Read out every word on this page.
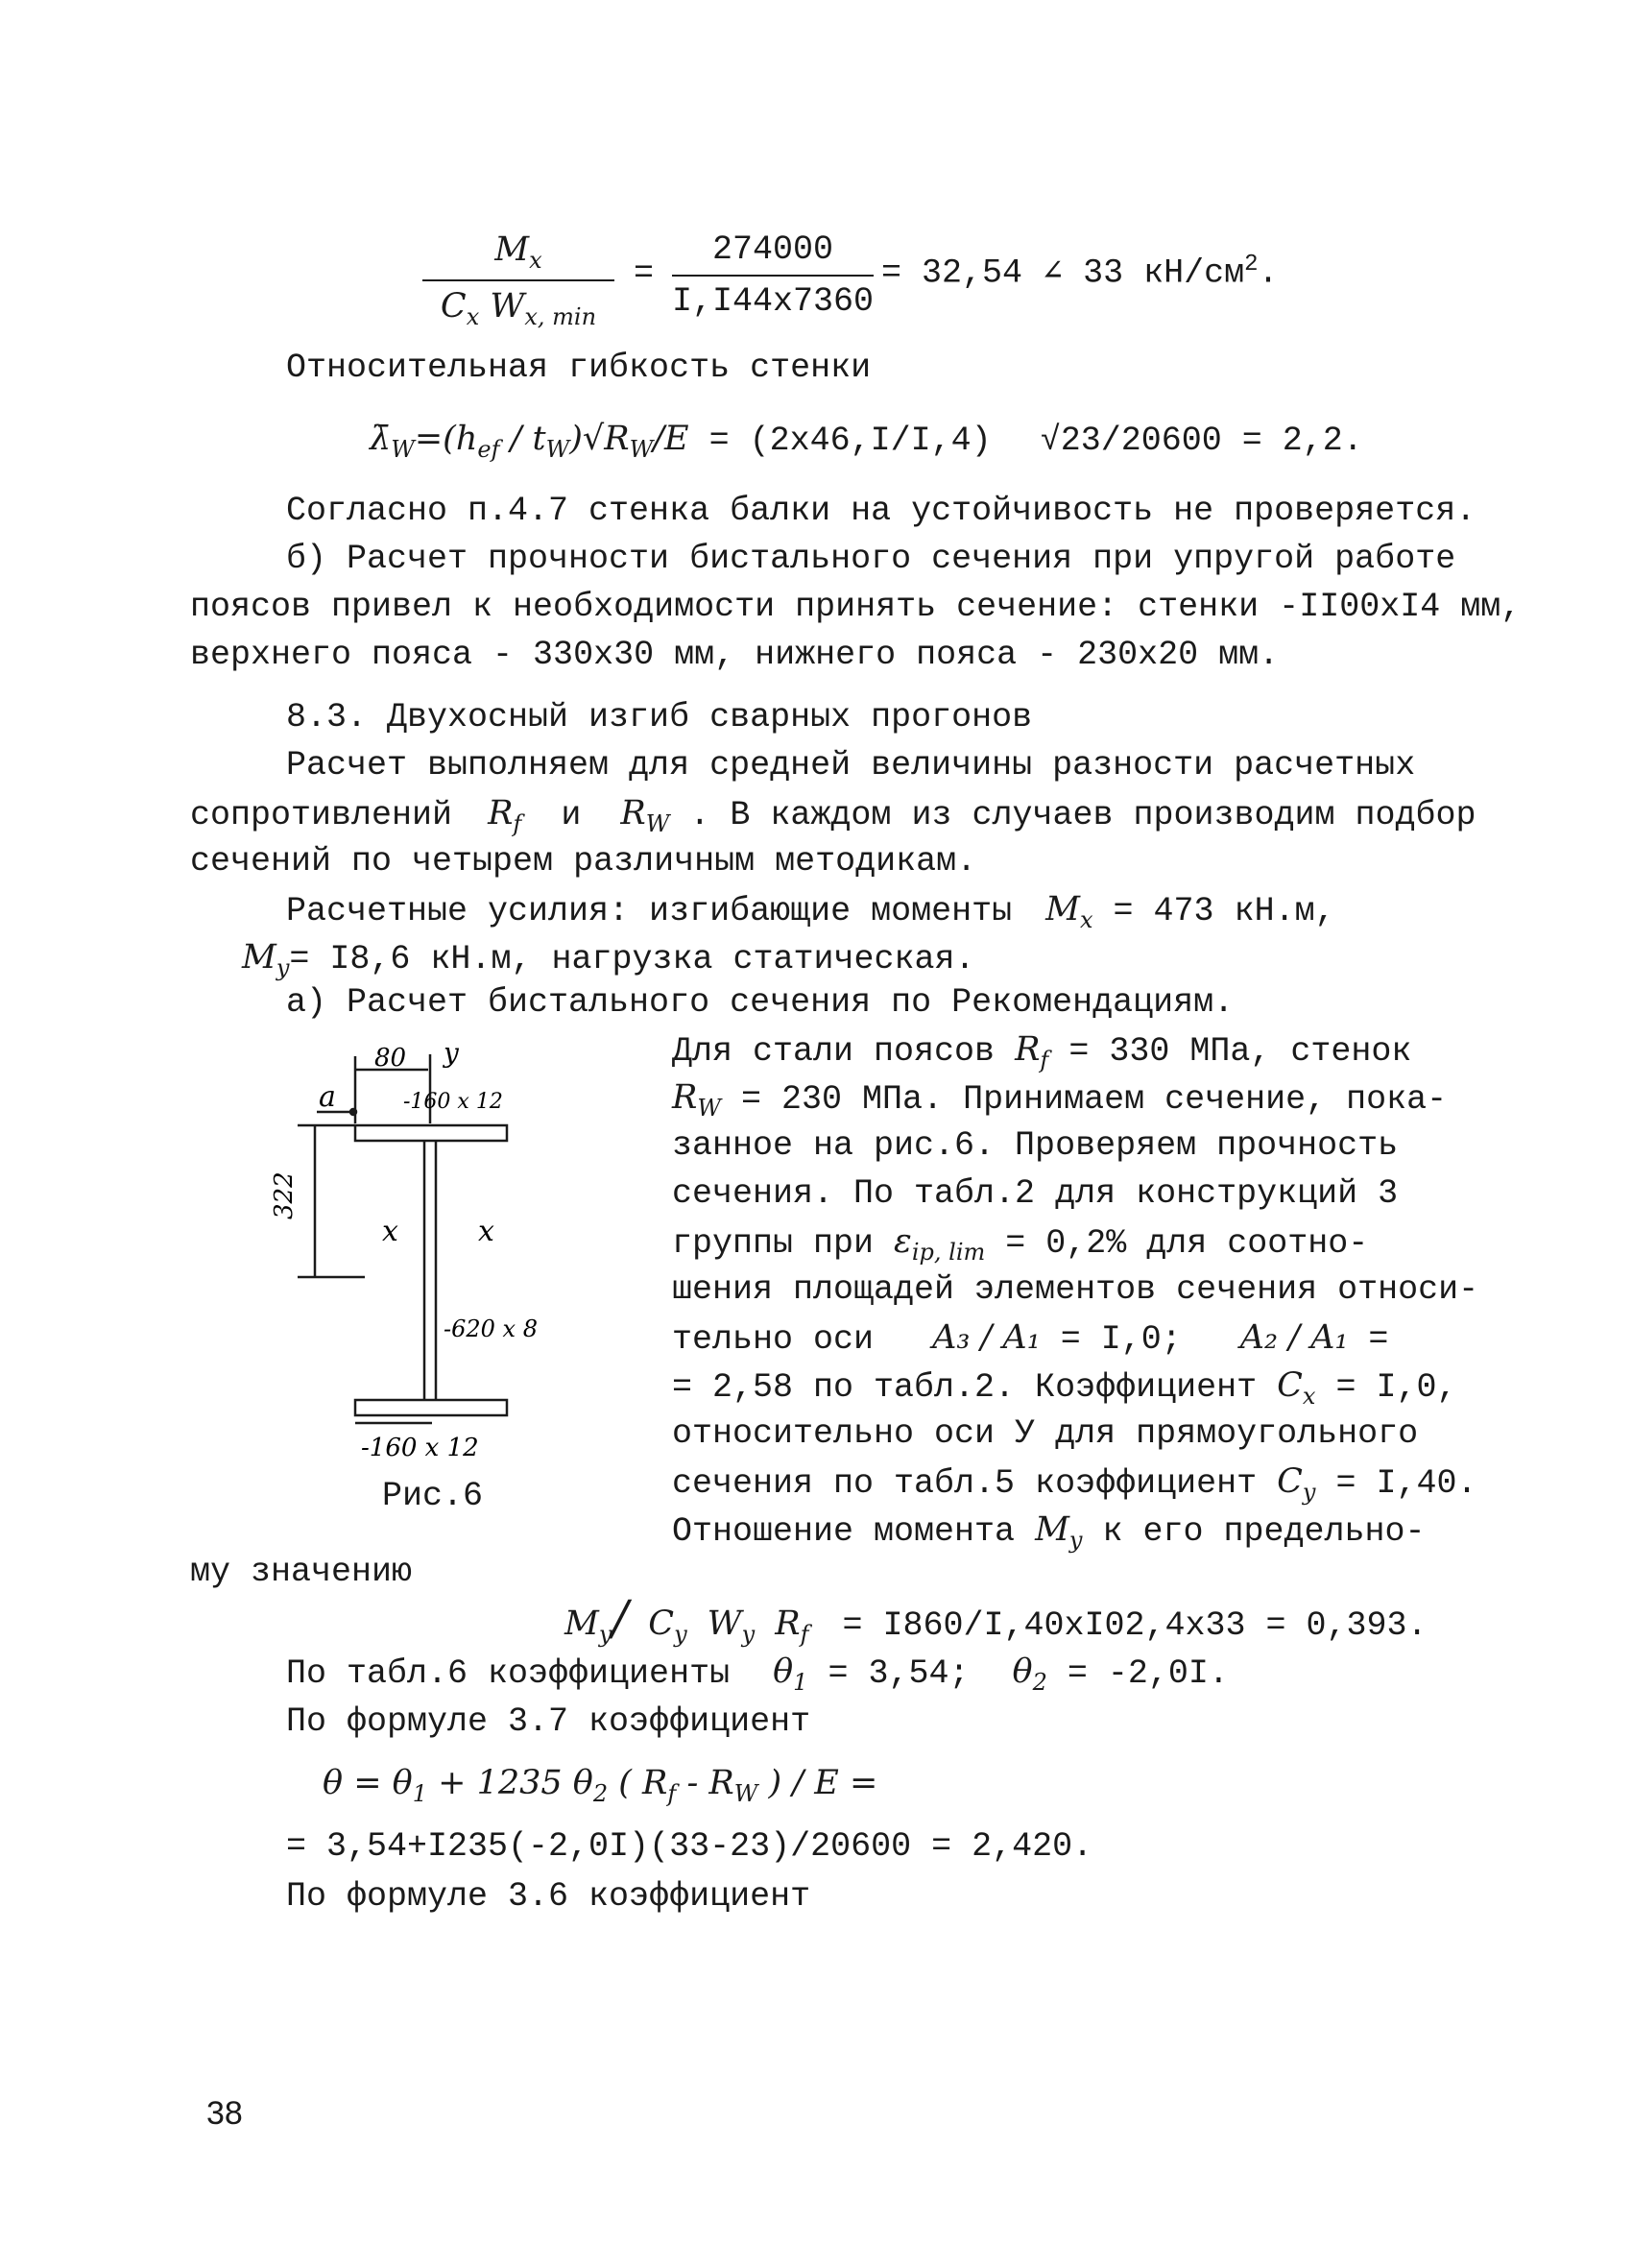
$M_x$
$C_x$ $W_{x, min}$
= $\frac{274000}{I,I44x7360} = 32,54$ ∠ 33 $кН/см^2$.
Относительная гибкость стенки
$\lambdā_W=(h_{ef} / t_W)√R_W/E = (2x46,I/I,4) √23/20600 = 2,2$.
Согласно п.4.7 стенка балки на устойчивость не проверяется.
б) Расчет прочности бистального сечения при упругой работе
поясов привел к необходимости принять сечение: стенки -II00xI4 мм,
верхнего пояса - 330x30 мм, нижнего пояса - 230x20 мм.
8.3. Двухосный изгиб сварных прогонов
Расчет выполняем для средней величины разности расчетных
сопротивлений $R_f$ и $R_W$ . В каждом из случаев производим подбор
сечений по четырем различным методикам.
Расчетные усилия: изгибающие моменты $M_x = 473$ кН.м,
$M_y= I8,6$ кН.м, нагрузка статическая.
а) Расчет бистального сечения по Рекомендациям.
80 y
a	-160 x 12
322
x	x
-620 x 8
-160 x 12
Рис.6
Для стали поясов $R_f = 330$ МПа, стенок
$R_W = 230$ МПа. Принимаем сечение, пока-
занное на рис.6. Проверяем прочность
сечения. По табл.2 для конструкций 3
группы при $\varepsilon_{ip, lim} = 0,2\%$ для соотно-
шения площадей элементов сечения относи-
тельно оси A₃ / A₁ = I,0; A₂ / A₁ =
= 2,58 по табл.2. Коэффициент $C_x = I,0$,
относительно оси У для прямоугольного
сечения по табл.5 коэффициент $C_y = I,40$.
Отношение момента $M_y$ к его предельно-
му значению
$M_y/$ $C_y$ $W_y$ $R_f = I860/I,40xI02,4x33 = 0,393$.
По табл.6 коэффициенты $\theta_1 = 3,54$; $\theta_2 = -2,0I$.
По формуле 3.7 коэффициент
$\theta = \theta_1 + 1235$ $\theta_2$ ( $R_f - R_W$ ) / E =
= 3,54+I235(-2,0I)(33-23)/20600 = 2,420.
По формуле 3.6 коэффициент
38
